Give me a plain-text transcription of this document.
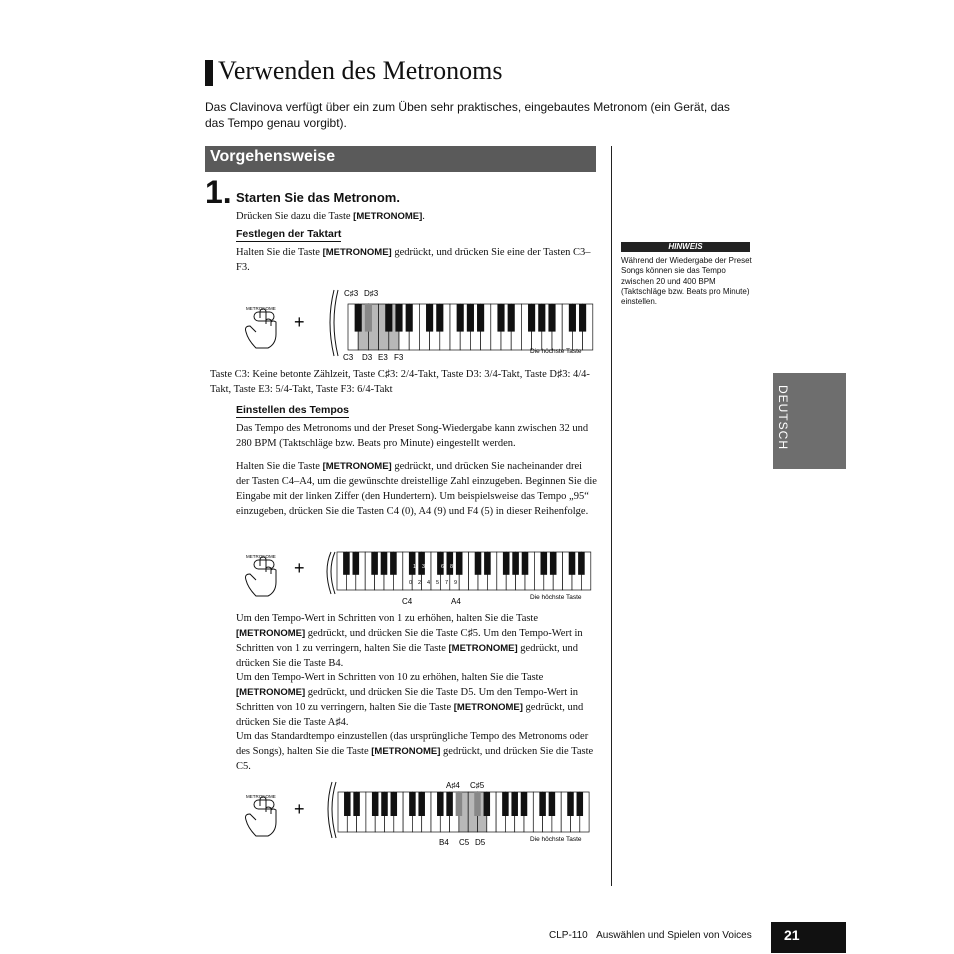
Verwenden des Metronoms
Das Clavinova verfügt über ein zum Üben sehr praktisches, eingebautes Metronom (ein Gerät, das das Tempo genau vorgibt).
Vorgehensweise
1. Starten Sie das Metronom.
Drücken Sie dazu die Taste [METRONOME].
Festlegen der Taktart
Halten Sie die Taste [METRONOME] gedrückt, und drücken Sie eine der Tasten C3–F3.
METRONOME
+
C♯3 D♯3
C3 D3 E3 F3
Die höchste Taste
Taste C3: Keine betonte Zählzeit, Taste C♯3: 2/4-Takt, Taste D3: 3/4-Takt, Taste D♯3: 4/4-Takt, Taste E3: 5/4-Takt, Taste F3: 6/4-Takt
Einstellen des Tempos
Das Tempo des Metronoms und der Preset Song-Wiedergabe kann zwischen 32 und 280 BPM (Taktschläge bzw. Beats pro Minute) eingestellt werden.
Halten Sie die Taste [METRONOME] gedrückt, und drücken Sie nacheinander drei der Tasten C4–A4, um die gewünschte dreistellige Zahl einzugeben. Beginnen Sie die Eingabe mit der linken Ziffer (den Hundertern). Um beispielsweise das Tempo „95“ einzugeben, drücken Sie die Tasten C4 (0), A4 (9) und F4 (5) in dieser Reihenfolge.
METRONOME
+	1 3	6 8
0 2 4 5 7 9
C4	A4	Die höchste Taste
Um den Tempo-Wert in Schritten von 1 zu erhöhen, halten Sie die Taste [METRONOME] gedrückt, und drücken Sie die Taste C♯5. Um den Tempo-Wert in Schritten von 1 zu verringern, halten Sie die Taste [METRONOME] gedrückt, und drücken Sie die Taste B4.
Um den Tempo-Wert in Schritten von 10 zu erhöhen, halten Sie die Taste [METRONOME] gedrückt, und drücken Sie die Taste D5. Um den Tempo-Wert in Schritten von 10 zu verringern, halten Sie die Taste [METRONOME] gedrückt, und drücken Sie die Taste A♯4.
Um das Standardtempo einzustellen (das ursprüngliche Tempo des Metronoms oder des Songs), halten Sie die Taste [METRONOME] gedrückt, und drücken Sie die Taste C5.
METRONOME
+
A♯4 C♯5
B4 C5 D5	Die höchste Taste
HINWEIS
Während der Wiedergabe der Preset Songs können sie das Tempo zwischen 20 und 400 BPM (Taktschläge bzw. Beats pro Minute) einstellen.
DEUTSCH
CLP-110 Auswählen und Spielen von Voices 21
